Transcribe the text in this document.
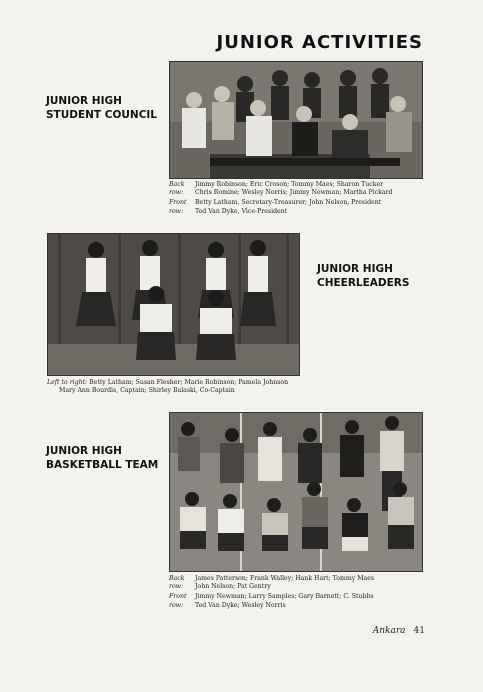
JUNIOR ACTIVITIES
JUNIOR HIGH
STUDENT COUNCIL
Back row:
Jimmy Robinson; Eric Croson; Tommy Maes; Sharon Tucker
Chris Romine; Wesley Norris; Jimmy Newman; Martha Pickard
Front row:
Betty Latham, Secretary-Treasurer; John Nelson, President
Ted Van Dyke, Vice-President
JUNIOR HIGH
CHEERLEADERS
Left to right: Betty Latham; Susan Flesher; Marie Robinson; Pamela Johnson
Mary Ann Bourdis, Captain; Shirley Balaski, Co-Captain
JUNIOR HIGH
BASKETBALL TEAM
Back row:
James Patterson; Frank Walley; Hank Hart; Tommy Maes
John Nelson; Pat Gentry
Front row:
Jimmy Newman; Larry Samples; Gary Barnett; C. Stubbs
Ted Van Dyke; Wesley Norris
Ankara 41
